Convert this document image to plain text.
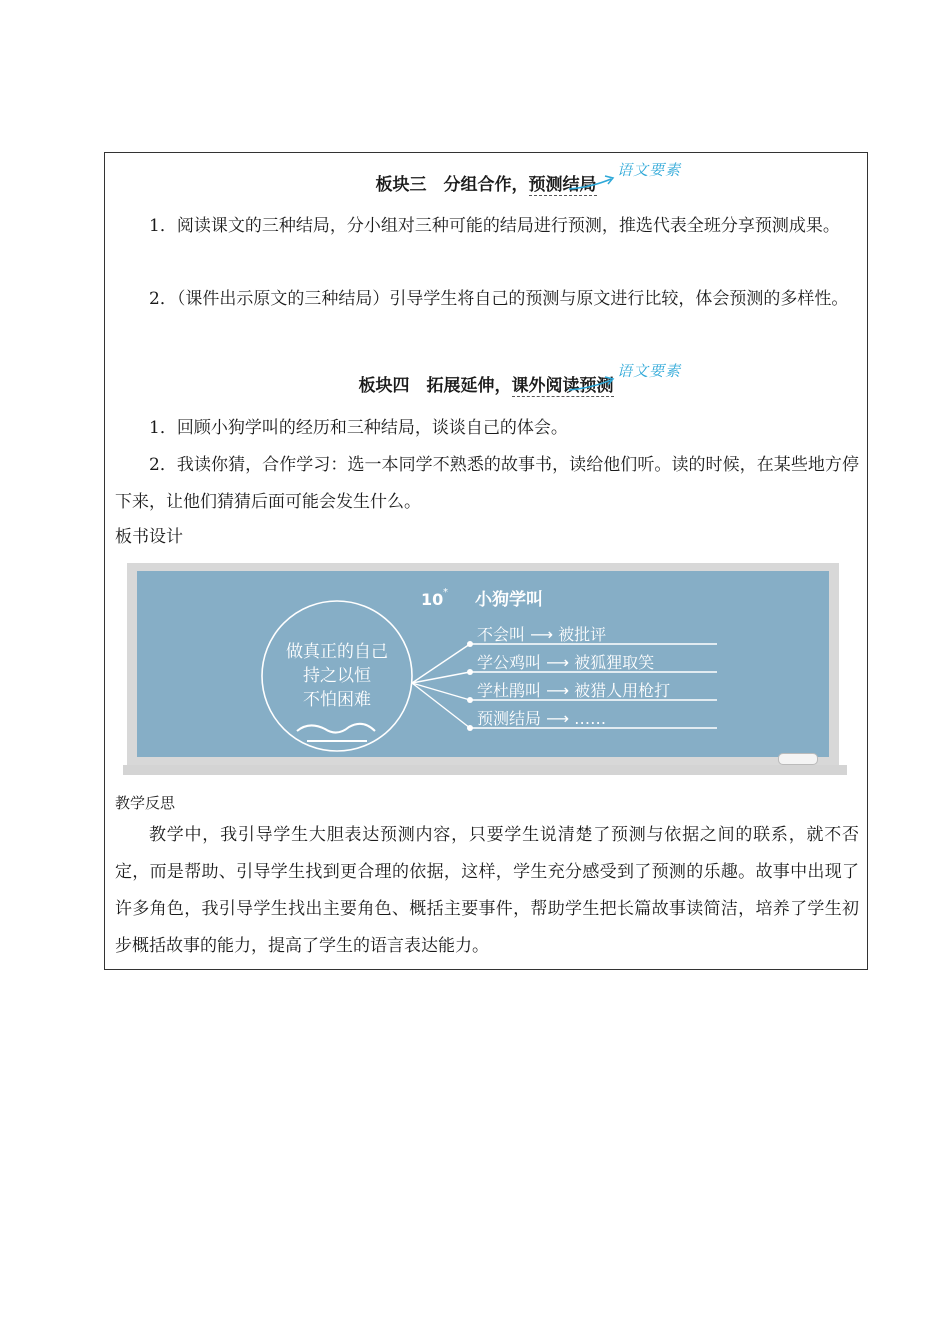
板块三　分组合作，预测结局
语文要素
1．阅读课文的三种结局，分小组对三种可能的结局进行预测，推选代表全班分享预测成果。
2．（课件出示原文的三种结局）引导学生将自己的预测与原文进行比较，体会预测的多样性。
板块四　拓展延伸，课外阅读预测
语文要素
1．回顾小狗学叫的经历和三种结局，谈谈自己的体会。
2．我读你猜，合作学习：选一本同学不熟悉的故事书，读给他们听。读的时候，在某些地方停下来，让他们猜猜后面可能会发生什么。
板书设计
10 * 小狗学叫
做真正的自己
持之以恒
不怕困难
不会叫 ⟶ 被批评
学公鸡叫 ⟶ 被狐狸取笑
学杜鹃叫 ⟶ 被猎人用枪打
预测结局 ⟶ ……
教学反思
教学中，我引导学生大胆表达预测内容，只要学生说清楚了预测与依据之间的联系，就不否定，而是帮助、引导学生找到更合理的依据，这样，学生充分感受到了预测的乐趣。故事中出现了许多角色，我引导学生找出主要角色、概括主要事件，帮助学生把长篇故事读简洁，培养了学生初步概括故事的能力，提高了学生的语言表达能力。
